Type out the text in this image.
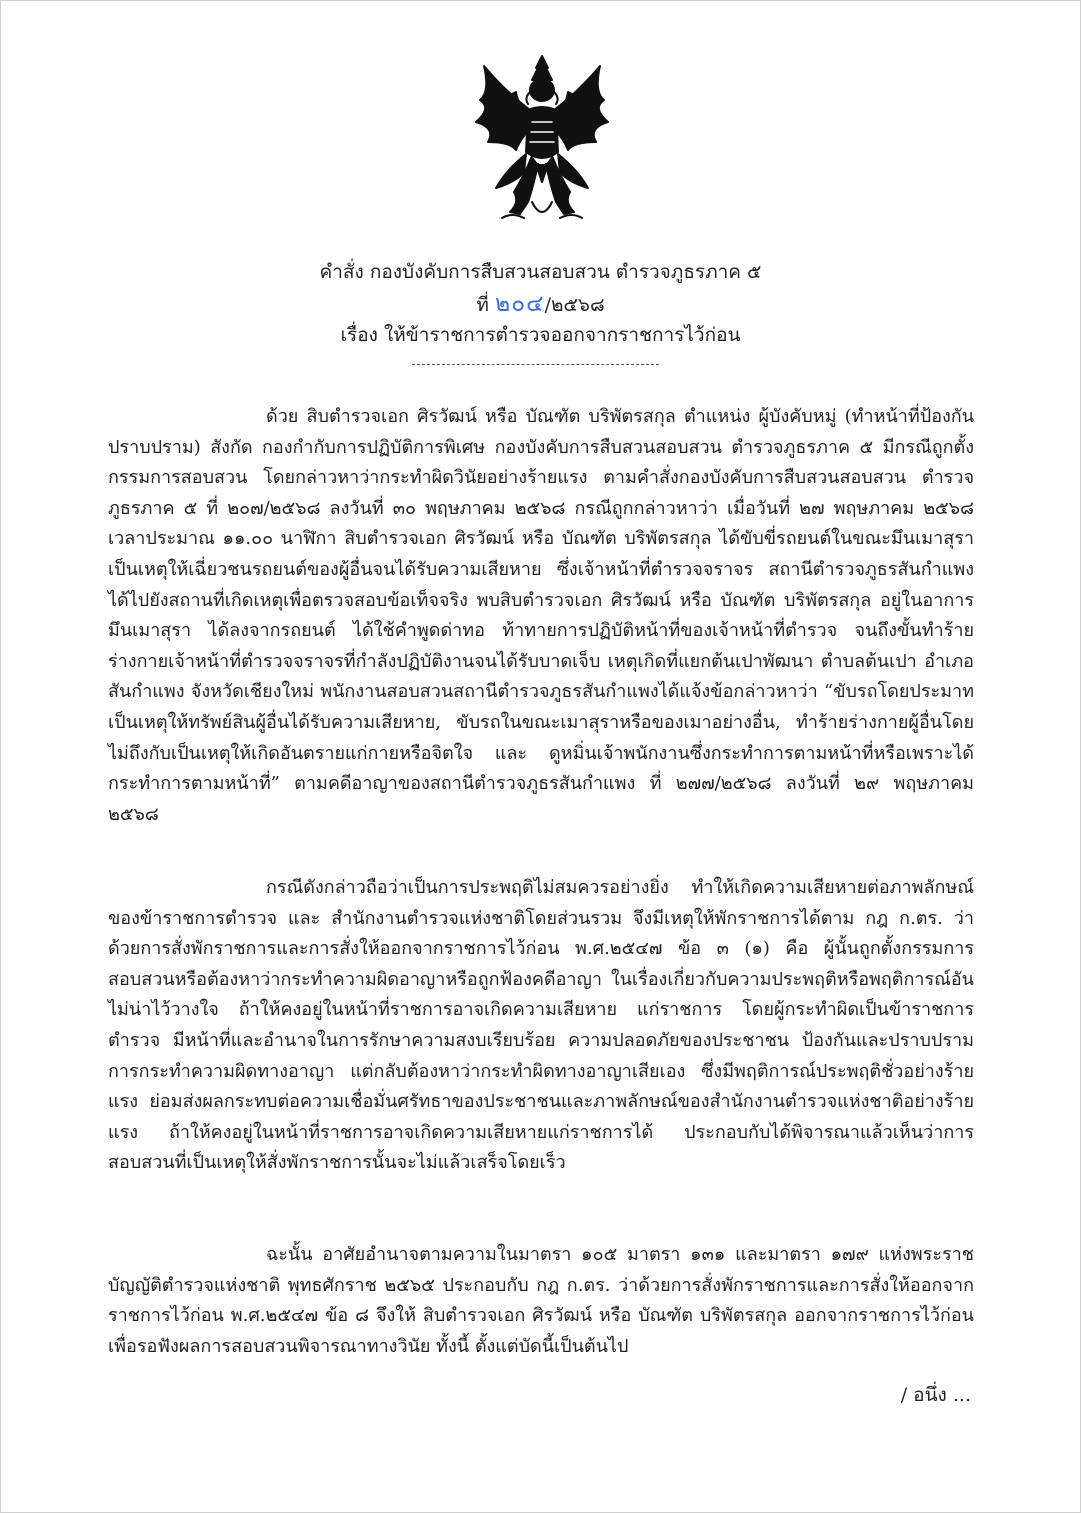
คำสั่ง กองบังคับการสืบสวนสอบสวน ตำรวจภูธรภาค ๕
ที่ ๒๐๔/๒๕๖๘
เรื่อง ให้ข้าราชการตำรวจออกจากราชการไว้ก่อน

ด้วย สิบตำรวจเอก ศิรวัฒน์ หรือ บัณฑัต บริพัตรสกุล ตำแหน่ง ผู้บังคับหมู่ (ทำหน้าที่ป้องกันปราบปราม) สังกัด กองกำกับการปฏิบัติการพิเศษ กองบังคับการสืบสวนสอบสวน ตำรวจภูธรภาค ๕ มีกรณีถูกตั้งกรรมการสอบสวน โดยกล่าวหาว่ากระทำผิดวินัยอย่างร้ายแรง ตามคำสั่งกองบังคับการสืบสวนสอบสวน ตำรวจภูธรภาค ๕ ที่ ๒๐๗/๒๕๖๘ ลงวันที่ ๓๐ พฤษภาคม ๒๕๖๘ กรณีถูกกล่าวหาว่า เมื่อวันที่ ๒๗ พฤษภาคม ๒๕๖๘ เวลาประมาณ ๑๑.๐๐ นาฬิกา สิบตำรวจเอก ศิรวัฒน์ หรือ บัณฑัต บริพัตรสกุล ได้ขับขี่รถยนต์ในขณะมึนเมาสุรา เป็นเหตุให้เฉี่ยวชนรถยนต์ของผู้อื่นจนได้รับความเสียหาย ซึ่งเจ้าหน้าที่ตำรวจจราจร สถานีตำรวจภูธรสันกำแพง ได้ไปยังสถานที่เกิดเหตุเพื่อตรวจสอบข้อเท็จจริง พบสิบตำรวจเอก ศิรวัฒน์ หรือ บัณฑัต บริพัตรสกุล อยู่ในอาการมึนเมาสุรา ได้ลงจากรถยนต์ ได้ใช้คำพูดด่าทอ ท้าทายการปฏิบัติหน้าที่ของเจ้าหน้าที่ตำรวจ จนถึงขั้นทำร้ายร่างกายเจ้าหน้าที่ตำรวจจราจรที่กำลังปฏิบัติงานจนได้รับบาดเจ็บ เหตุเกิดที่แยกต้นเปาพัฒนา ตำบลต้นเปา อำเภอสันกำแพง จังหวัดเชียงใหม่ พนักงานสอบสวนสถานีตำรวจภูธรสันกำแพงได้แจ้งข้อกล่าวหาว่า “ขับรถโดยประมาทเป็นเหตุให้ทรัพย์สินผู้อื่นได้รับความเสียหาย, ขับรถในขณะเมาสุราหรือของเมาอย่างอื่น, ทำร้ายร่างกายผู้อื่นโดยไม่ถึงกับเป็นเหตุให้เกิดอันตรายแก่กายหรือจิตใจ และ ดูหมิ่นเจ้าพนักงานซึ่งกระทำการตามหน้าที่หรือเพราะได้กระทำการตามหน้าที่” ตามคดีอาญาของสถานีตำรวจภูธรสันกำแพง ที่ ๒๗๗/๒๕๖๘ ลงวันที่ ๒๙ พฤษภาคม ๒๕๖๘

กรณีดังกล่าวถือว่าเป็นการประพฤติไม่สมควรอย่างยิ่ง ทำให้เกิดความเสียหายต่อภาพลักษณ์ของข้าราชการตำรวจ และ สำนักงานตำรวจแห่งชาติโดยส่วนรวม จึงมีเหตุให้พักราชการได้ตาม กฎ ก.ตร. ว่าด้วยการสั่งพักราชการและการสั่งให้ออกจากราชการไว้ก่อน พ.ศ.๒๕๔๗ ข้อ ๓ (๑) คือ ผู้นั้นถูกตั้งกรรมการสอบสวนหรือต้องหาว่ากระทำความผิดอาญาหรือถูกฟ้องคดีอาญา ในเรื่องเกี่ยวกับความประพฤติหรือพฤติการณ์อันไม่น่าไว้วางใจ ถ้าให้คงอยู่ในหน้าที่ราชการอาจเกิดความเสียหาย แก่ราชการ โดยผู้กระทำผิดเป็นข้าราชการตำรวจ มีหน้าที่และอำนาจในการรักษาความสงบเรียบร้อย ความปลอดภัยของประชาชน ป้องกันและปราบปรามการกระทำความผิดทางอาญา แต่กลับต้องหาว่ากระทำผิดทางอาญาเสียเอง ซึ่งมีพฤติการณ์ประพฤติชั่วอย่างร้ายแรง ย่อมส่งผลกระทบต่อความเชื่อมั่นศรัทธาของประชาชนและภาพลักษณ์ของสำนักงานตำรวจแห่งชาติอย่างร้ายแรง ถ้าให้คงอยู่ในหน้าที่ราชการอาจเกิดความเสียหายแก่ราชการได้ ประกอบกับได้พิจารณาแล้วเห็นว่าการสอบสวนที่เป็นเหตุให้สั่งพักราชการนั้นจะไม่แล้วเสร็จโดยเร็ว

ฉะนั้น อาศัยอำนาจตามความในมาตรา ๑๐๕ มาตรา ๑๓๑ และมาตรา ๑๗๙ แห่งพระราชบัญญัติตำรวจแห่งชาติ พุทธศักราช ๒๕๖๕ ประกอบกับ กฎ ก.ตร. ว่าด้วยการสั่งพักราชการและการสั่งให้ออกจากราชการไว้ก่อน พ.ศ.๒๕๔๗ ข้อ ๘ จึงให้ สิบตำรวจเอก ศิรวัฒน์ หรือ บัณฑัต บริพัตรสกุล ออกจากราชการไว้ก่อน เพื่อรอฟังผลการสอบสวนพิจารณาทางวินัย ทั้งนี้ ตั้งแต่บัดนี้เป็นต้นไป

/ อนึ่ง ...
